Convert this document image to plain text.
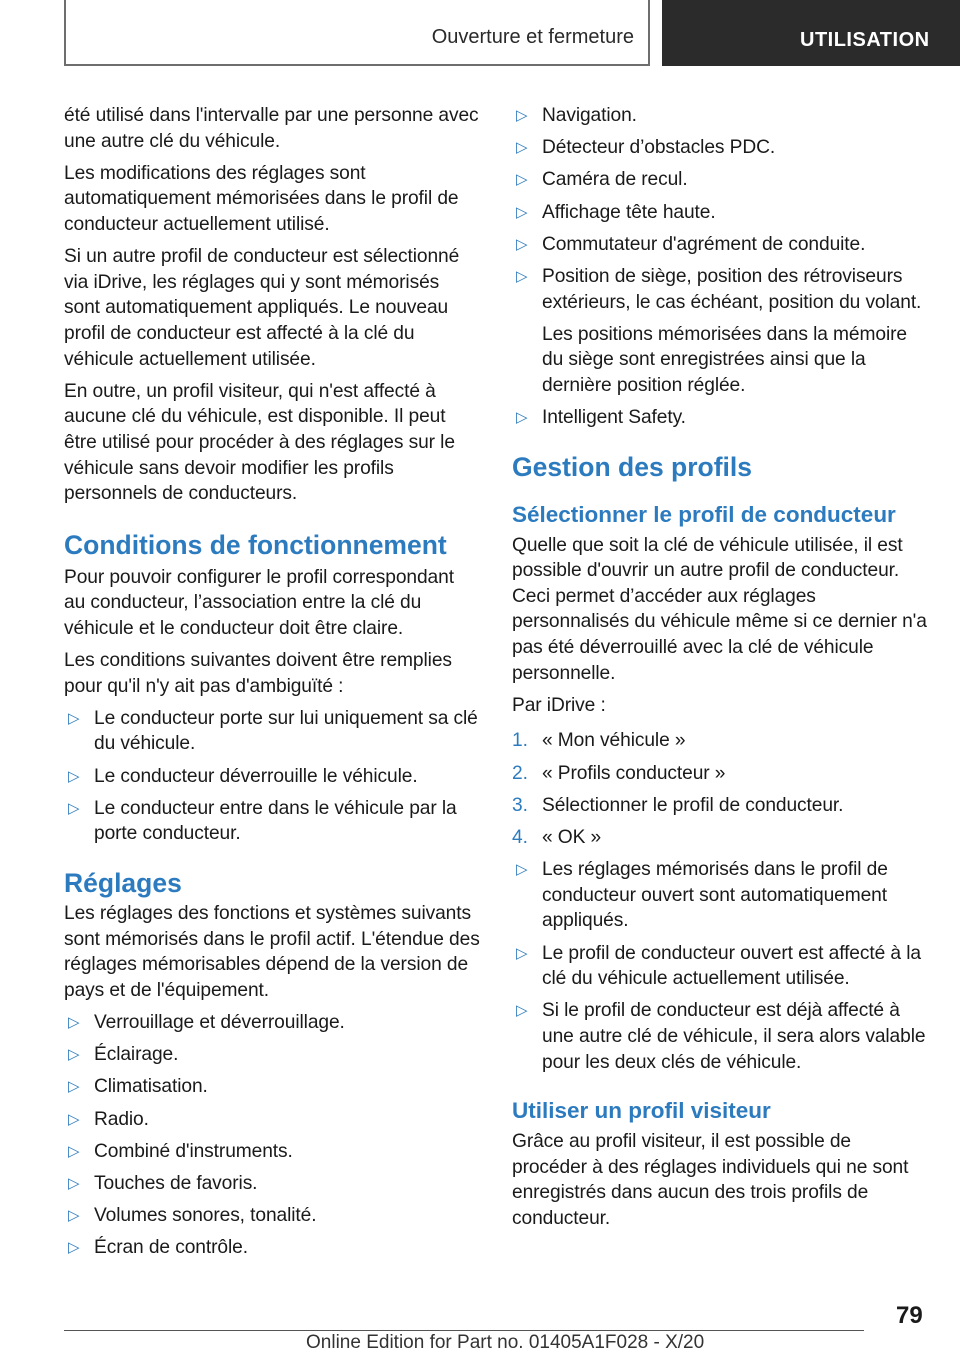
Ouverture et fermeture	UTILISATION

été utilisé dans l'intervalle par une personne avec une autre clé du véhicule.

Les modifications des réglages sont automatiquement mémorisées dans le profil de conducteur actuellement utilisé.

Si un autre profil de conducteur est sélectionné via iDrive, les réglages qui y sont mémorisés sont automatiquement appliqués. Le nouveau profil de conducteur est affecté à la clé du véhicule actuellement utilisée.

En outre, un profil visiteur, qui n'est affecté à aucune clé du véhicule, est disponible. Il peut être utilisé pour procéder à des réglages sur le véhicule sans devoir modifier les profils personnels de conducteurs.

Conditions de fonctionnement

Pour pouvoir configurer le profil correspondant au conducteur, l’association entre la clé du véhicule et le conducteur doit être claire.

Les conditions suivantes doivent être remplies pour qu'il n'y ait pas d'ambiguïté :

▷ Le conducteur porte sur lui uniquement sa clé du véhicule.
▷ Le conducteur déverrouille le véhicule.
▷ Le conducteur entre dans le véhicule par la porte conducteur.
Réglages

Les réglages des fonctions et systèmes suivants sont mémorisés dans le profil actif. L'étendue des réglages mémorisables dépend de la version de pays et de l'équipement.

▷ Verrouillage et déverrouillage.
▷ Éclairage.
▷ Climatisation.
▷ Radio.
▷ Combiné d'instruments.
▷ Touches de favoris.
▷ Volumes sonores, tonalité.
▷ Écran de contrôle.
▷ Navigation.
▷ Détecteur d’obstacles PDC.
▷ Caméra de recul.
▷ Affichage tête haute.
▷ Commutateur d'agrément de conduite.
▷ Position de siège, position des rétroviseurs extérieurs, le cas échéant, position du volant.
Les positions mémorisées dans la mémoire du siège sont enregistrées ainsi que la dernière position réglée.
▷ Intelligent Safety.
Gestion des profils
Sélectionner le profil de conducteur

Quelle que soit la clé de véhicule utilisée, il est possible d'ouvrir un autre profil de conducteur. Ceci permet d’accéder aux réglages personnalisés du véhicule même si ce dernier n'a pas été déverrouillé avec la clé de véhicule personnelle.

Par iDrive :

1. « Mon véhicule »
2. « Profils conducteur »
3. Sélectionner le profil de conducteur.
4. « OK »
▷ Les réglages mémorisés dans le profil de conducteur ouvert sont automatiquement appliqués.
▷ Le profil de conducteur ouvert est affecté à la clé du véhicule actuellement utilisée.
▷ Si le profil de conducteur est déjà affecté à une autre clé de véhicule, il sera alors valable pour les deux clés de véhicule.
Utiliser un profil visiteur

Grâce au profil visiteur, il est possible de procéder à des réglages individuels qui ne sont enregistrés dans aucun des trois profils de conducteur.

79
Online Edition for Part no. 01405A1F028 - X/20
